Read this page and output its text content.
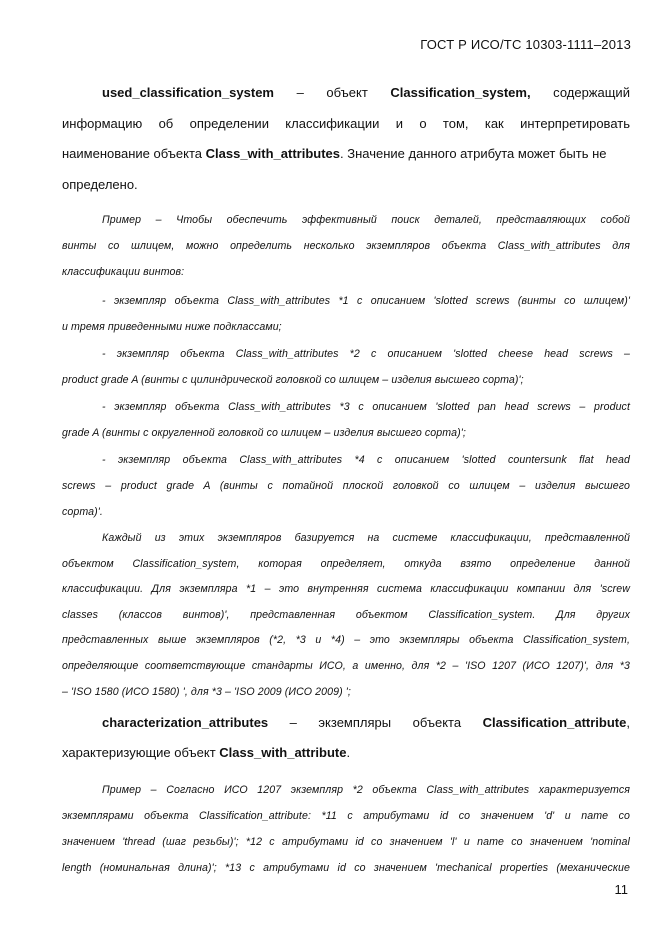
ГОСТ Р ИСО/ТС 10303-1111–2013
used_classification_system – объект Classification_system, содержащий
информацию об определении классификации и о том, как интерпретировать
наименование объекта Class_with_attributes. Значение данного атрибута может быть не
определено.
Пример – Чтобы обеспечить эффективный поиск деталей, представляющих собой
винты со шлицем, можно определить несколько экземпляров объекта Class_with_attributes для
классификации винтов:
- экземпляр объекта Class_with_attributes *1 с описанием 'slotted screws (винты со шлицем)'
и тремя приведенными ниже подклассами;
- экземпляр объекта Class_with_attributes *2 с описанием 'slotted cheese head screws –
product grade A (винты с цилиндрической головкой со шлицем – изделия высшего сорта)';
- экземпляр объекта Class_with_attributes *3 с описанием 'slotted pan head screws – product
grade A (винты с округленной головкой со шлицем – изделия высшего сорта)';
- экземпляр объекта Class_with_attributes *4 с описанием 'slotted countersunk flat head
screws – product grade A (винты с потайной плоской головкой со шлицем – изделия высшего
сорта)'.
Каждый из этих экземпляров базируется на системе классификации, представленной
объектом Classification_system, которая определяет, откуда взято определение данной
классификации. Для экземпляра *1 – это внутренняя система классификации компании для 'screw
classes (классов винтов)', представленная объектом Classification_system. Для других
представленных выше экземпляров (*2, *3 и *4) – это экземпляры объекта Classification_system,
определяющие соответствующие стандарты ИСО, а именно, для *2 – 'ISO 1207 (ИСО 1207)', для *3
– 'ISO 1580 (ИСО 1580) ', для *3 – 'ISO 2009 (ИСО 2009) ';
characterization_attributes – экземпляры объекта Classification_attribute,
характеризующие объект Class_with_attribute.
Пример – Согласно ИСО 1207 экземпляр *2 объекта Class_with_attributes характеризуется
экземплярами объекта Classification_attribute: *11 с атрибутами id со значением 'd' и name со
значением 'thread (шаг резьбы)'; *12 с атрибутами id со значением 'l' и name со значением 'nominal
length (номинальная длина)'; *13 с атрибутами id со значением 'mechanical properties (механические
11
